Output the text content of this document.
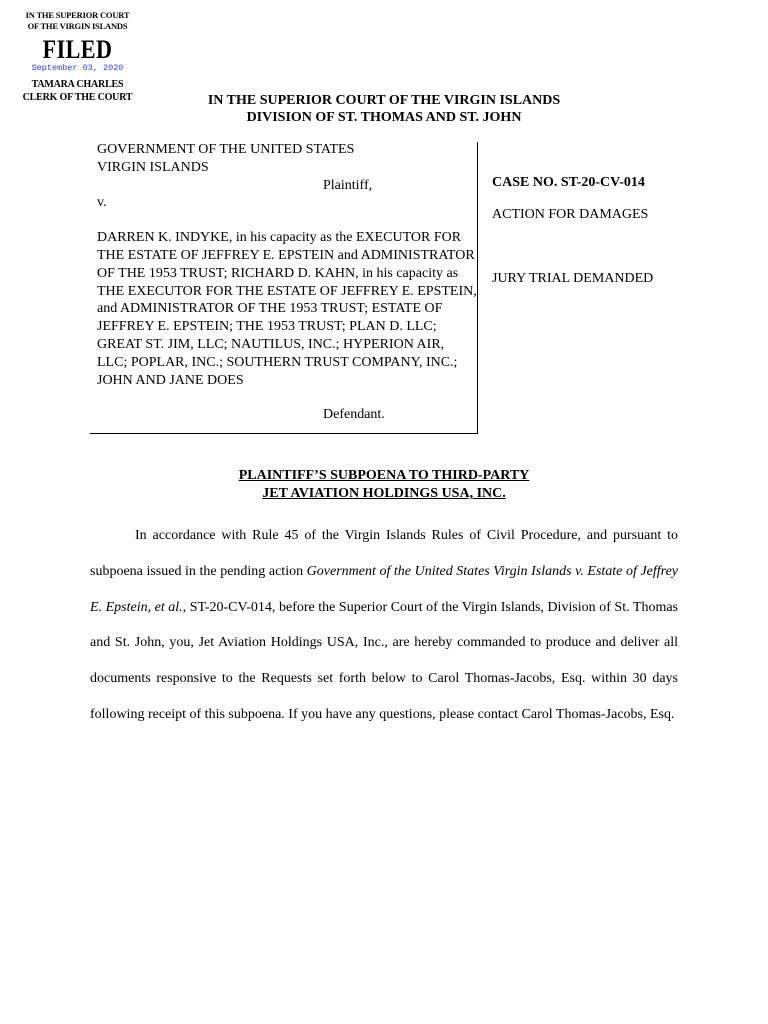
IN THE SUPERIOR COURT
OF THE VIRGIN ISLANDS
FILED
September 03, 2020
TAMARA CHARLES
CLERK OF THE COURT	IN THE SUPERIOR COURT OF THE VIRGIN ISLANDS
DIVISION OF ST. THOMAS AND ST. JOHN

GOVERNMENT OF THE UNITED STATES

VIRGIN ISLANDS

Plaintiff,

v.

DARREN K. INDYKE, in his capacity as the EXECUTOR FOR THE ESTATE OF JEFFREY E. EPSTEIN and ADMINISTRATOR OF THE 1953 TRUST; RICHARD D. KAHN, in his capacity as THE EXECUTOR FOR THE ESTATE OF JEFFREY E. EPSTEIN, and ADMINISTRATOR OF THE 1953 TRUST; ESTATE OF JEFFREY E. EPSTEIN; THE 1953 TRUST; PLAN D. LLC; GREAT ST. JIM, LLC; NAUTILUS, INC.; HYPERION AIR, LLC; POPLAR, INC.; SOUTHERN TRUST COMPANY, INC.; JOHN AND JANE DOES

Defendant.

CASE NO. ST-20-CV-014
ACTION FOR DAMAGES
JURY TRIAL DEMANDED
PLAINTIFF’S SUBPOENA TO THIRD-PARTY
JET AVIATION HOLDINGS USA, INC.

In accordance with Rule 45 of the Virgin Islands Rules of Civil Procedure, and pursuant to subpoena issued in the pending action Government of the United States Virgin Islands v. Estate of Jeffrey E. Epstein, et al., ST-20-CV-014, before the Superior Court of the Virgin Islands, Division of St. Thomas and St. John, you, Jet Aviation Holdings USA, Inc., are hereby commanded to produce and deliver all documents responsive to the Requests set forth below to Carol Thomas-Jacobs, Esq. within 30 days following receipt of this subpoena. If you have any questions, please contact Carol Thomas-Jacobs, Esq.
